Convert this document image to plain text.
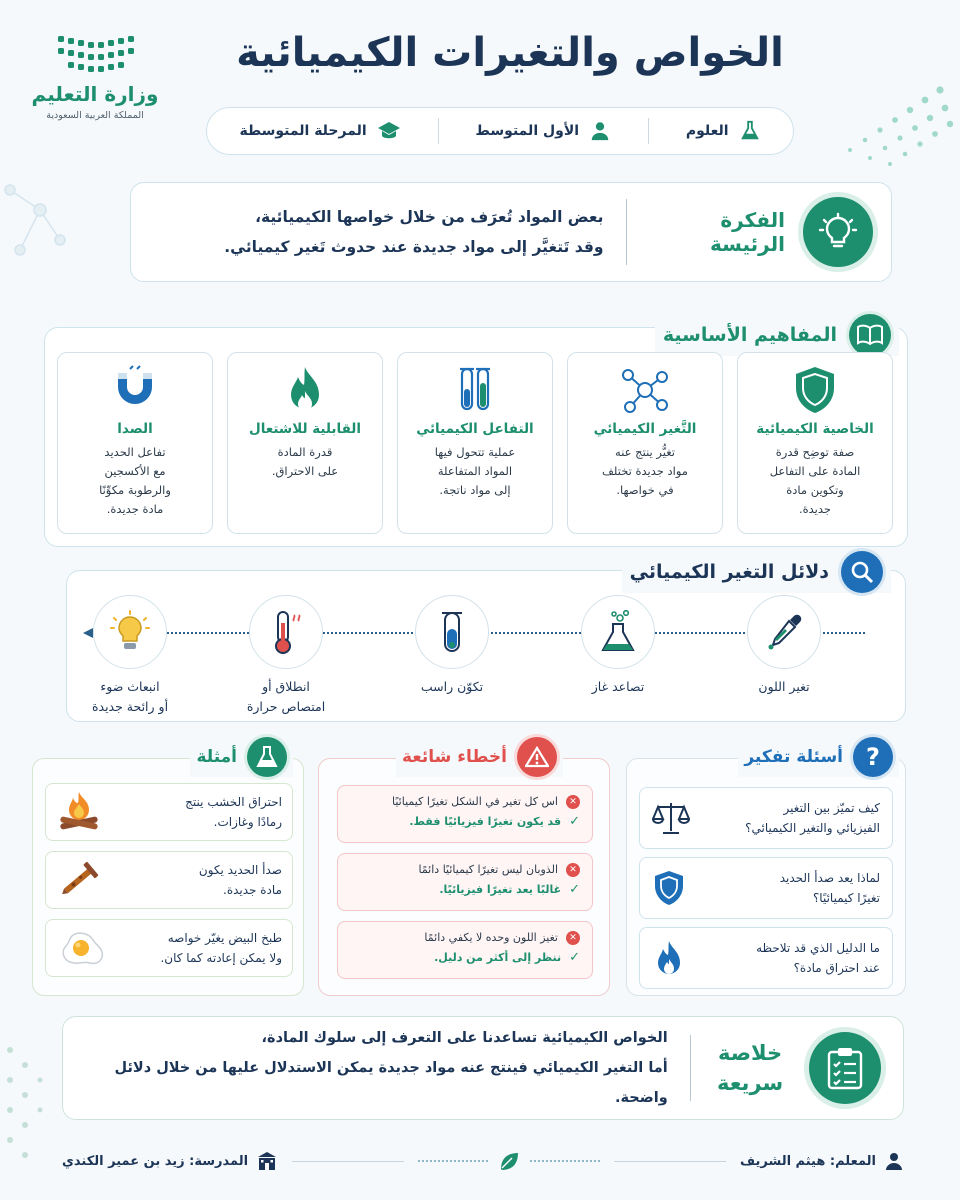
وزارة التعليم
المملكة العربية السعودية
الخواص والتغيرات الكيميائية
العلوم
الأول المتوسط
المرحلة المتوسطة
الفكرة الرئيسة
بعض المواد تُعرَف من خلال خواصها الكيميائية،
وقد تَتغيَّر إلى مواد جديدة عند حدوث تَغير كيميائي.
المفاهيم الأساسية
الخاصية الكيميائية
صفة توضِح قدرة
المادة على التفاعل
وتكوين مادة
جديدة.
التَّغير الكيميائي
تغيُّر ينتج عنه
مواد جديدة تختلف
في خواصها.
التفاعل الكيميائي
عملية تتحول فيها
المواد المتفاعلة
إلى مواد ناتجة.
القابلية للاشتعال
قدرة المادة
على الاحتراق.
الصدا
تفاعل الحديد
مع الأكسجين
والرطوبة مكوِّنًا
مادة جديدة.
دلائل التغير الكيميائي
تغير اللون
تصاعد غاز
تكوّن راسب
انطلاق أو
امتصاص حرارة
انبعاث ضوء
أو رائحة جديدة
?
أسئلة تفكير
كيف تميّز بين التغير
الفيزيائي والتغير الكيميائي؟
لماذا يعد صدأ الحديد
تغيرًا كيميائيًا؟
ما الدليل الذي قد تلاحظه
عند احتراق مادة؟
أخطاء شائعة
✕
اس كل تغير في الشكل تغيرًا كيميائيًا
✓
قد يكون تغيرًا فيزيائيًا فقط.
✕
الذوبان ليس تغيرًا كيميائيًا دائمًا
✓
غالبًا يعد تغيرًا فيزيائيًا.
✕
تغيز اللون وحده لا يكفي دائمًا
✓
ننظر إلى أكثر من دليل.
أمثلة
احتراق الخشب ينتج
رمادًا وغازات.
صدأ الحديد يكون
مادة جديدة.
طبخ البيض يغيّر خواصه
ولا يمكن إعادته كما كان.
خلاصة
سريعة
الخواص الكيميائية تساعدنا على التعرف إلى سلوك المادة،
أما التغير الكيميائي فينتج عنه مواد جديدة يمكن الاستدلال عليها من خلال دلائل واضحة.
المعلم: هيثم الشريف
المدرسة: زيد بن عمير الكندي
